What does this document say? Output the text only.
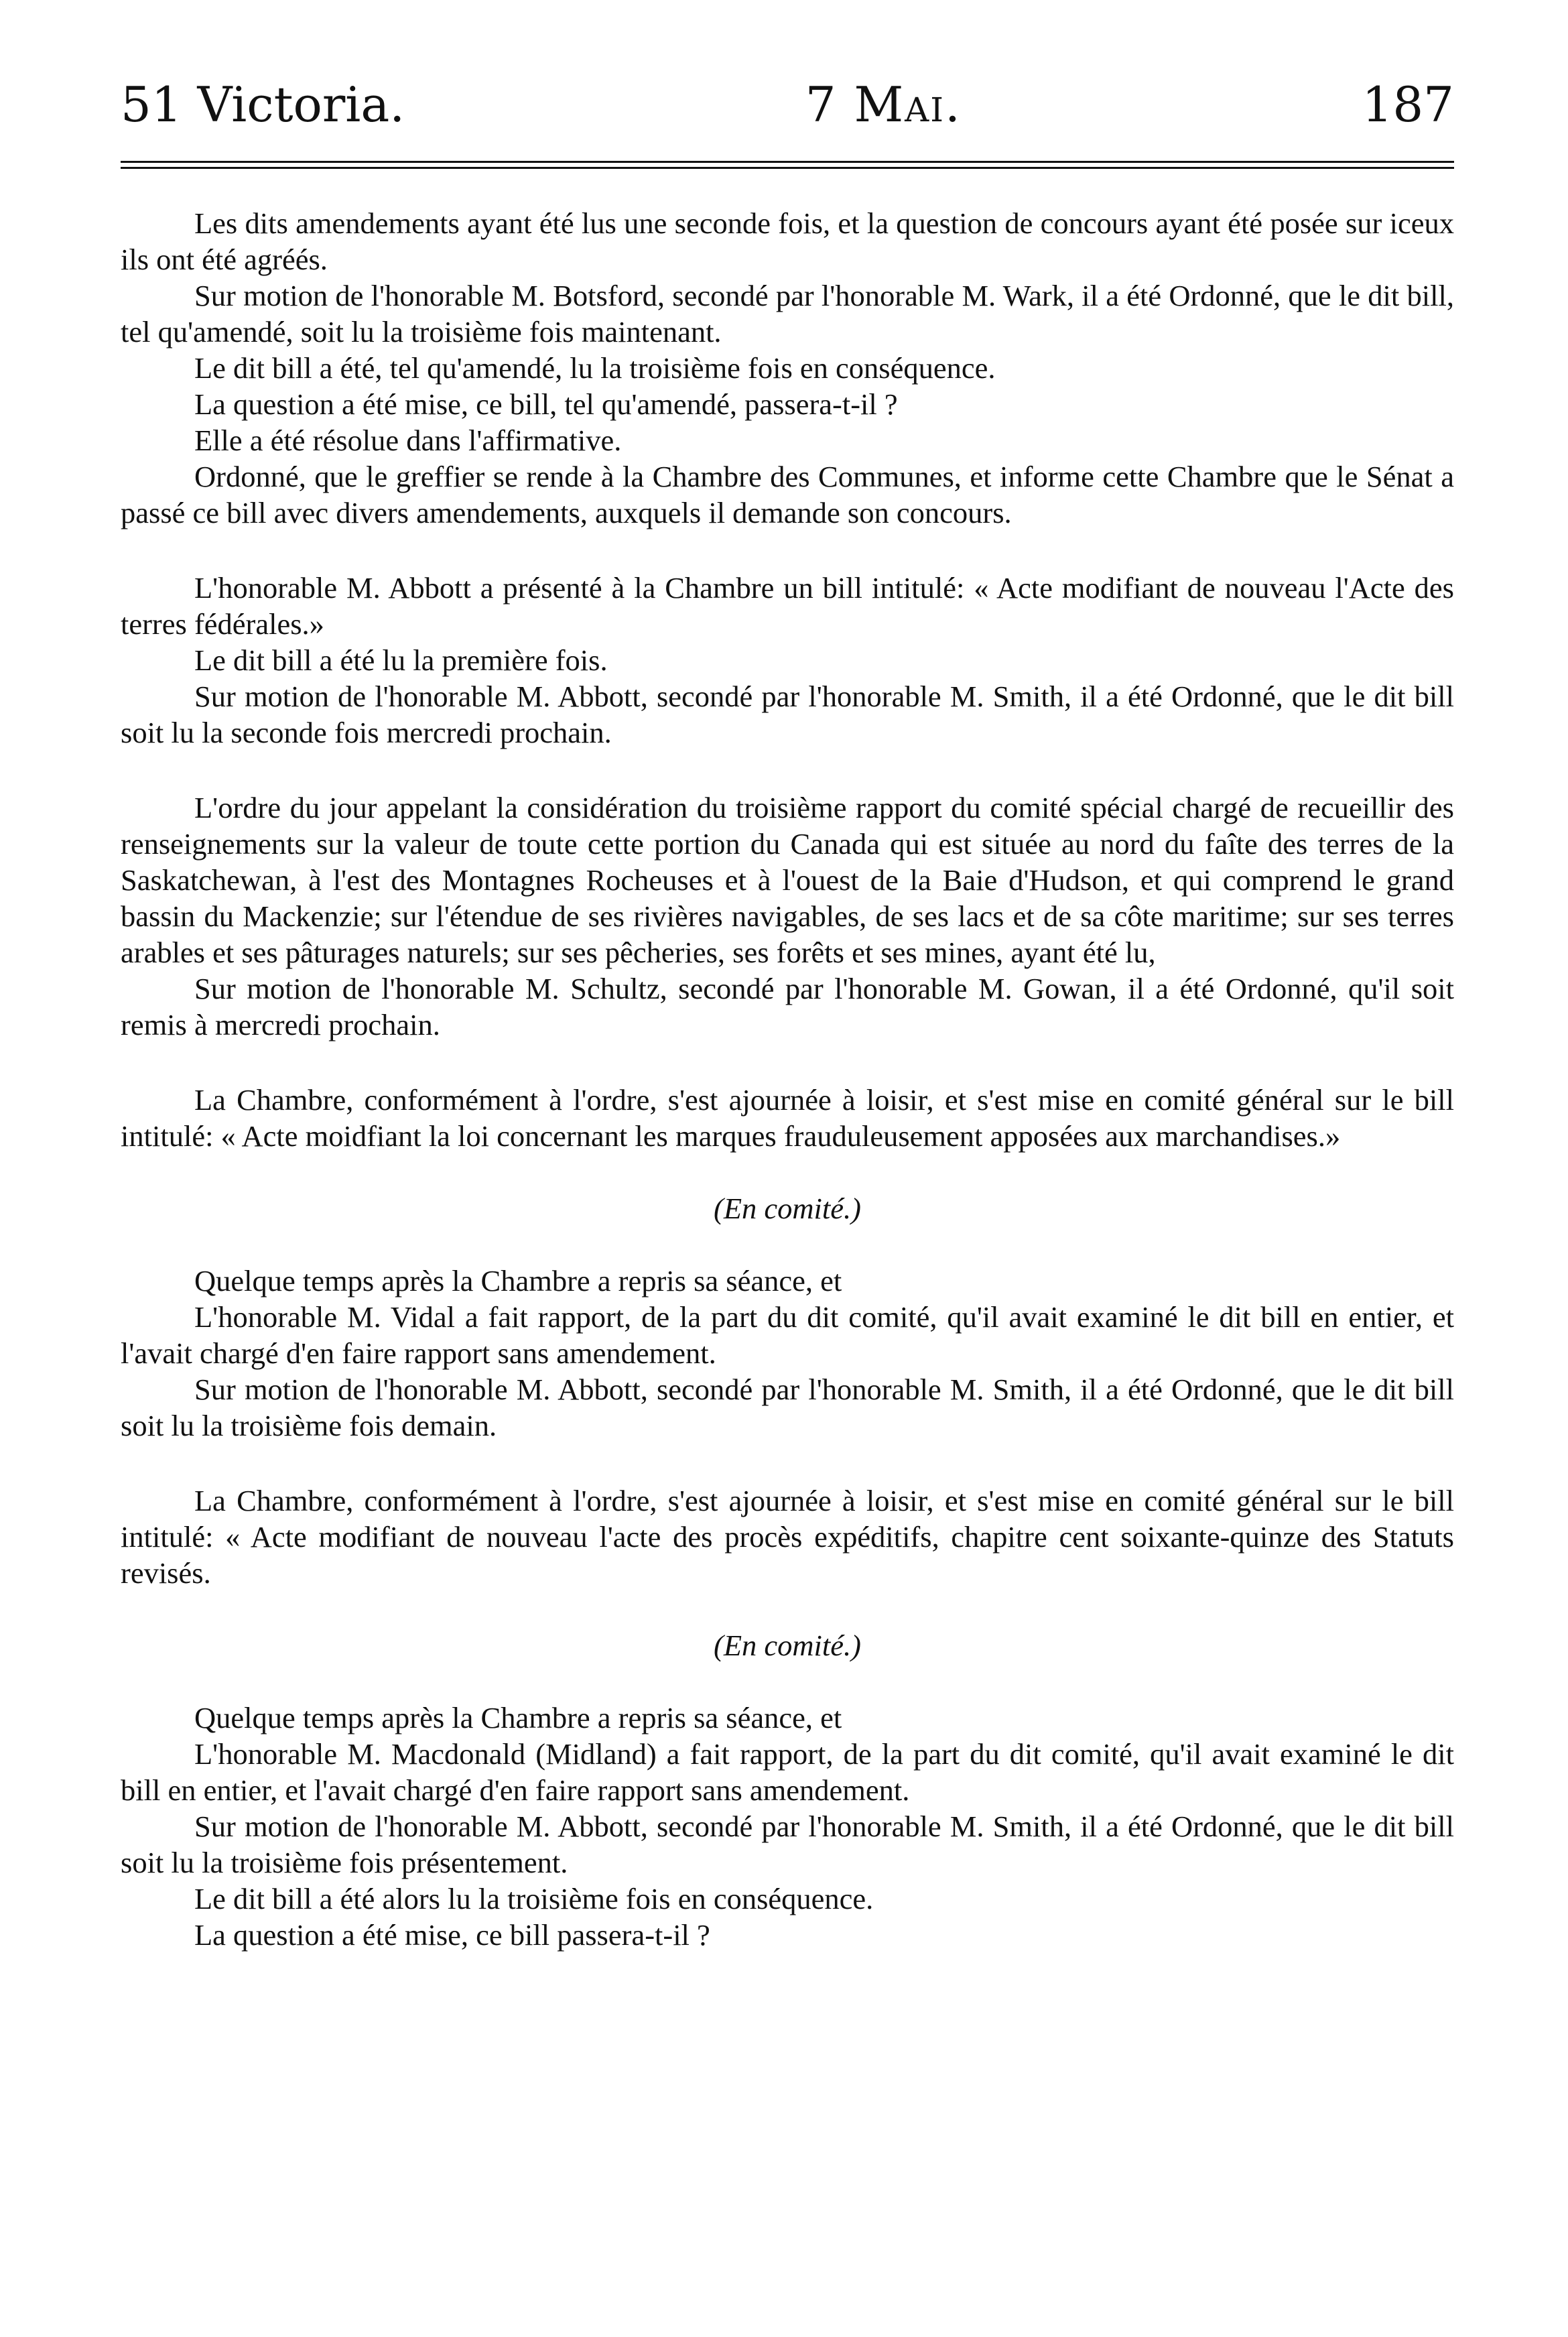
51 Victoria.	7 Mai.	187

Les dits amendements ayant été lus une seconde fois, et la question de concours ayant été posée sur iceux ils ont été agréés.

Sur motion de l'honorable M. Botsford, secondé par l'honorable M. Wark, il a été Ordonné, que le dit bill, tel qu'amendé, soit lu la troisième fois maintenant.

Le dit bill a été, tel qu'amendé, lu la troisième fois en conséquence.

La question a été mise, ce bill, tel qu'amendé, passera-t-il ?

Elle a été résolue dans l'affirmative.

Ordonné, que le greffier se rende à la Chambre des Communes, et informe cette Chambre que le Sénat a passé ce bill avec divers amendements, auxquels il demande son concours.

L'honorable M. Abbott a présenté à la Chambre un bill intitulé: « Acte modifiant de nouveau l'Acte des terres fédérales.»

Le dit bill a été lu la première fois.

Sur motion de l'honorable M. Abbott, secondé par l'honorable M. Smith, il a été Ordonné, que le dit bill soit lu la seconde fois mercredi prochain.

L'ordre du jour appelant la considération du troisième rapport du comité spécial chargé de recueillir des renseignements sur la valeur de toute cette portion du Canada qui est située au nord du faîte des terres de la Saskatchewan, à l'est des Montagnes Rocheuses et à l'ouest de la Baie d'Hudson, et qui comprend le grand bassin du Mackenzie; sur l'étendue de ses rivières navigables, de ses lacs et de sa côte maritime; sur ses terres arables et ses pâturages naturels; sur ses pêcheries, ses forêts et ses mines, ayant été lu,

Sur motion de l'honorable M. Schultz, secondé par l'honorable M. Gowan, il a été Ordonné, qu'il soit remis à mercredi prochain.

La Chambre, conformément à l'ordre, s'est ajournée à loisir, et s'est mise en comité général sur le bill intitulé: « Acte moidfiant la loi concernant les marques frauduleusement apposées aux marchandises.»

(En comité.)

Quelque temps après la Chambre a repris sa séance, et

L'honorable M. Vidal a fait rapport, de la part du dit comité, qu'il avait examiné le dit bill en entier, et l'avait chargé d'en faire rapport sans amendement.

Sur motion de l'honorable M. Abbott, secondé par l'honorable M. Smith, il a été Ordonné, que le dit bill soit lu la troisième fois demain.

La Chambre, conformément à l'ordre, s'est ajournée à loisir, et s'est mise en comité général sur le bill intitulé: « Acte modifiant de nouveau l'acte des procès expéditifs, chapitre cent soixante-quinze des Statuts revisés.

(En comité.)

Quelque temps après la Chambre a repris sa séance, et

L'honorable M. Macdonald (Midland) a fait rapport, de la part du dit comité, qu'il avait examiné le dit bill en entier, et l'avait chargé d'en faire rapport sans amendement.

Sur motion de l'honorable M. Abbott, secondé par l'honorable M. Smith, il a été Ordonné, que le dit bill soit lu la troisième fois présentement.

Le dit bill a été alors lu la troisième fois en conséquence.

La question a été mise, ce bill passera-t-il ?
